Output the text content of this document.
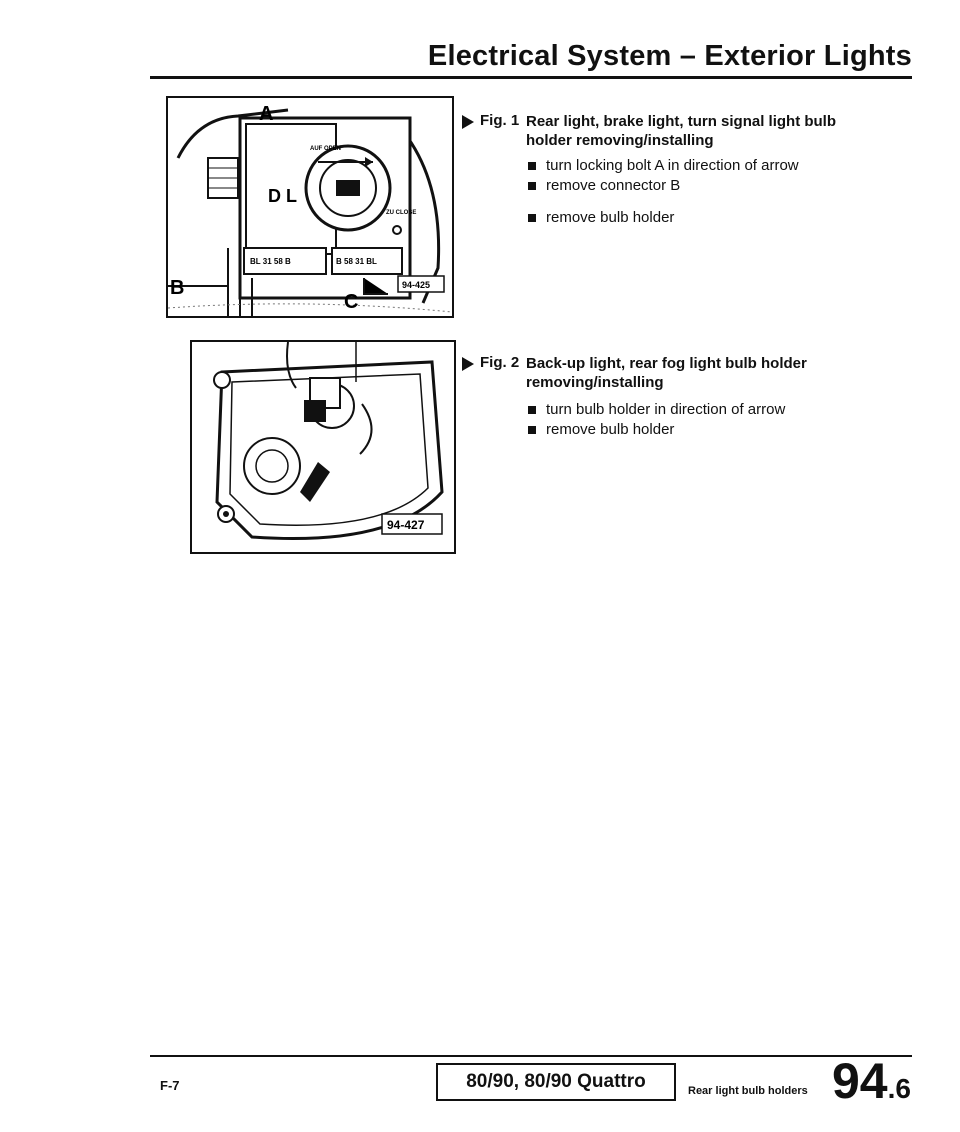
Electrical System – Exterior Lights
A
B
C
AUF OPEN
ZU CLOSE
BL 31 58 B	B 58 31 BL
D L
94-425
Fig. 1 Rear light, brake light, turn signal light bulb holder removing/installing
turn locking bolt A in direction of arrow
remove connector B
remove bulb holder
94-427
Fig. 2 Back-up light, rear fog light bulb holder removing/installing
turn bulb holder in direction of arrow
remove bulb holder
F-7	80/90, 80/90 Quattro	Rear light bulb holders 94.6
